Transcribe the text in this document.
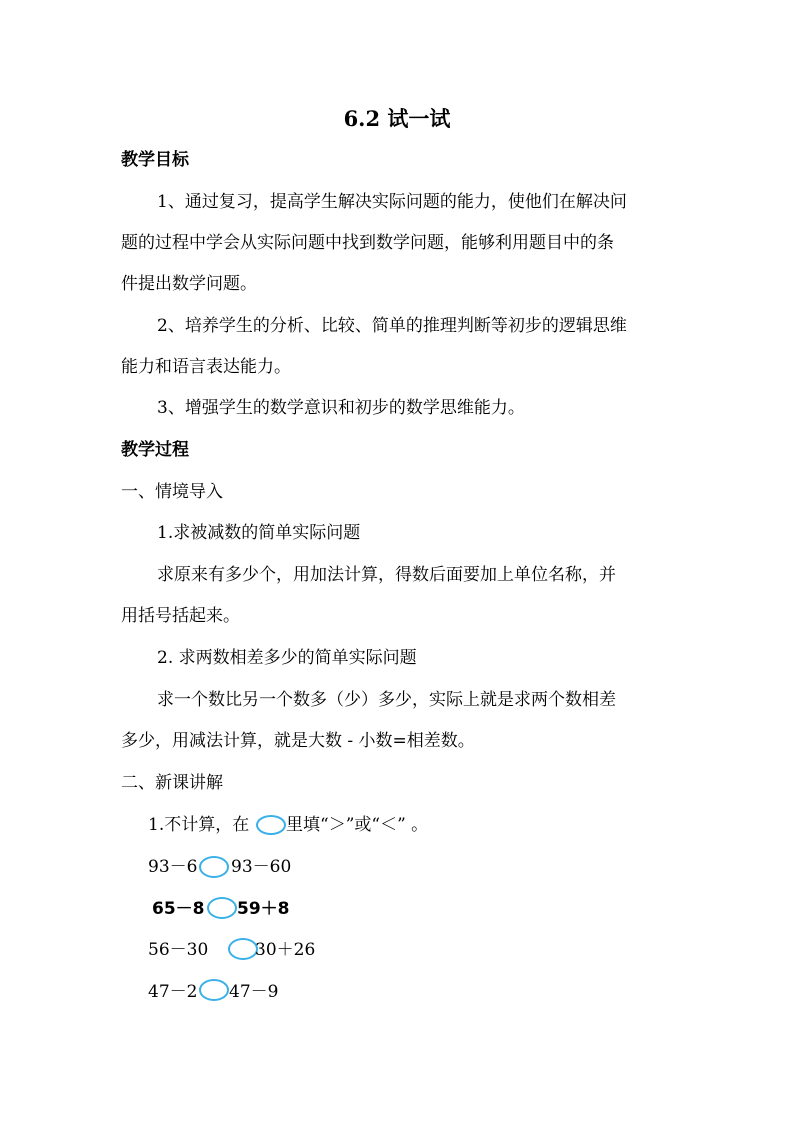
6.2 试一试
教学目标
1、通过复习，提高学生解决实际问题的能力，使他们在解决问
题的过程中学会从实际问题中找到数学问题，能够利用题目中的条
件提出数学问题。
2、培养学生的分析、比较、简单的推理判断等初步的逻辑思维
能力和语言表达能力。
3、增强学生的数学意识和初步的数学思维能力。
教学过程
一、情境导入
1.求被减数的简单实际问题
求原来有多少个，用加法计算，得数后面要加上单位名称，并
用括号括起来。
2. 求两数相差多少的简单实际问题
求一个数比另一个数多（少）多少，实际上就是求两个数相差
多少，用减法计算，就是大数 - 小数=相差数。
二、新课讲解
1.不计算，在 里填“＞”或“＜” 。
93－6 93－60
65－8 59＋8
56－30	30＋26
47－2 47－9
